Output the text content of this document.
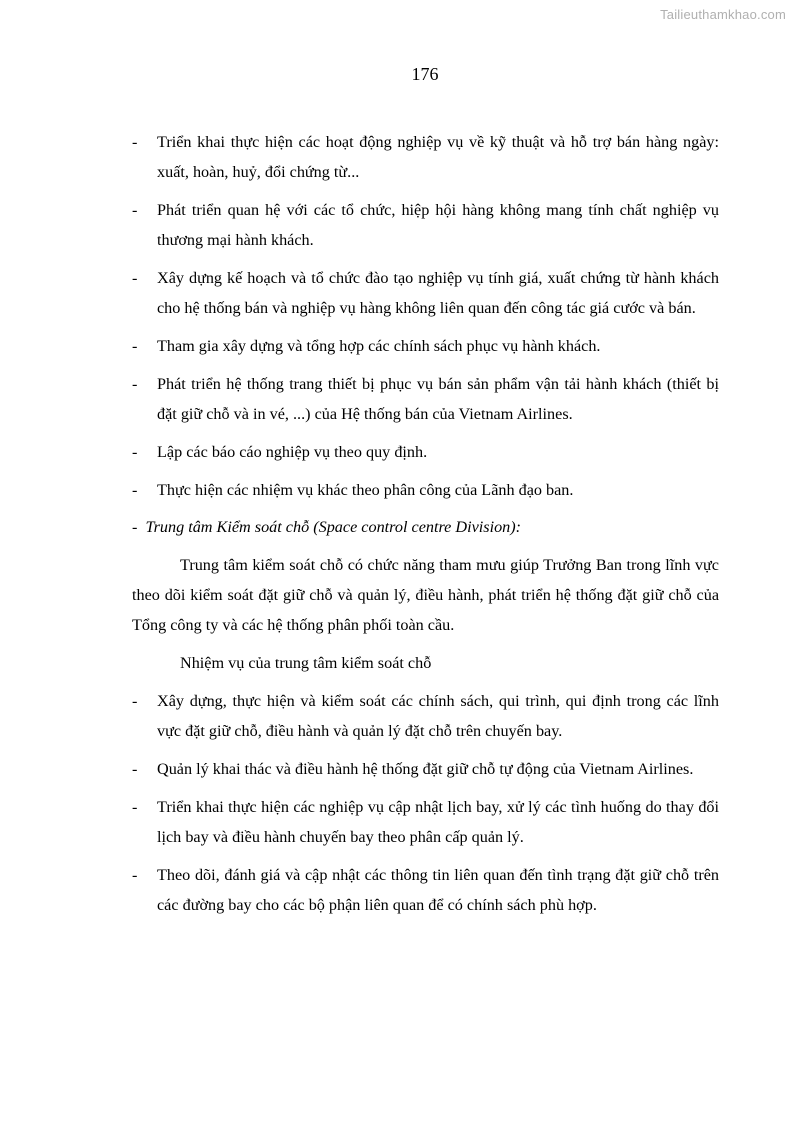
Tailieuthamkhao.com
176
- Triển khai thực hiện các hoạt động nghiệp vụ về kỹ thuật và hỗ trợ bán hàng ngày: xuất, hoàn, huỷ, đổi chứng từ...
- Phát triển quan hệ với các tổ chức, hiệp hội hàng không mang tính chất nghiệp vụ thương mại hành khách.
- Xây dựng kế hoạch và tổ chức đào tạo nghiệp vụ tính giá, xuất chứng từ hành khách cho hệ thống bán và nghiệp vụ hàng không liên quan đến công tác giá cước và bán.
- Tham gia xây dựng và tổng hợp các chính sách phục vụ hành khách.
- Phát triển hệ thống trang thiết bị phục vụ bán sản phẩm vận tải hành khách (thiết bị đặt giữ chỗ và in vé, ...) của Hệ thống bán của Vietnam Airlines.
- Lập các báo cáo nghiệp vụ theo quy định.
- Thực hiện các nhiệm vụ khác theo phân công của Lãnh đạo ban.
- Trung tâm Kiểm soát chỗ (Space control centre Division):
Trung tâm kiểm soát chỗ có chức năng tham mưu giúp Trưởng Ban trong lĩnh vực theo dõi kiểm soát đặt giữ chỗ và quản lý, điều hành, phát triển hệ thống đặt giữ chỗ của Tổng công ty và các hệ thống phân phối toàn cầu.
Nhiệm vụ của trung tâm kiểm soát chỗ
- Xây dựng, thực hiện và kiểm soát các chính sách, qui trình, qui định trong các lĩnh vực đặt giữ chỗ, điều hành và quản lý đặt chỗ trên chuyến bay.
- Quản lý khai thác và điều hành hệ thống đặt giữ chỗ tự động của Vietnam Airlines.
- Triển khai thực hiện các nghiệp vụ cập nhật lịch bay, xử lý các tình huống do thay đổi lịch bay và điều hành chuyến bay theo phân cấp quản lý.
- Theo dõi, đánh giá và cập nhật các thông tin liên quan đến tình trạng đặt giữ chỗ trên các đường bay cho các bộ phận liên quan để có chính sách phù hợp.
